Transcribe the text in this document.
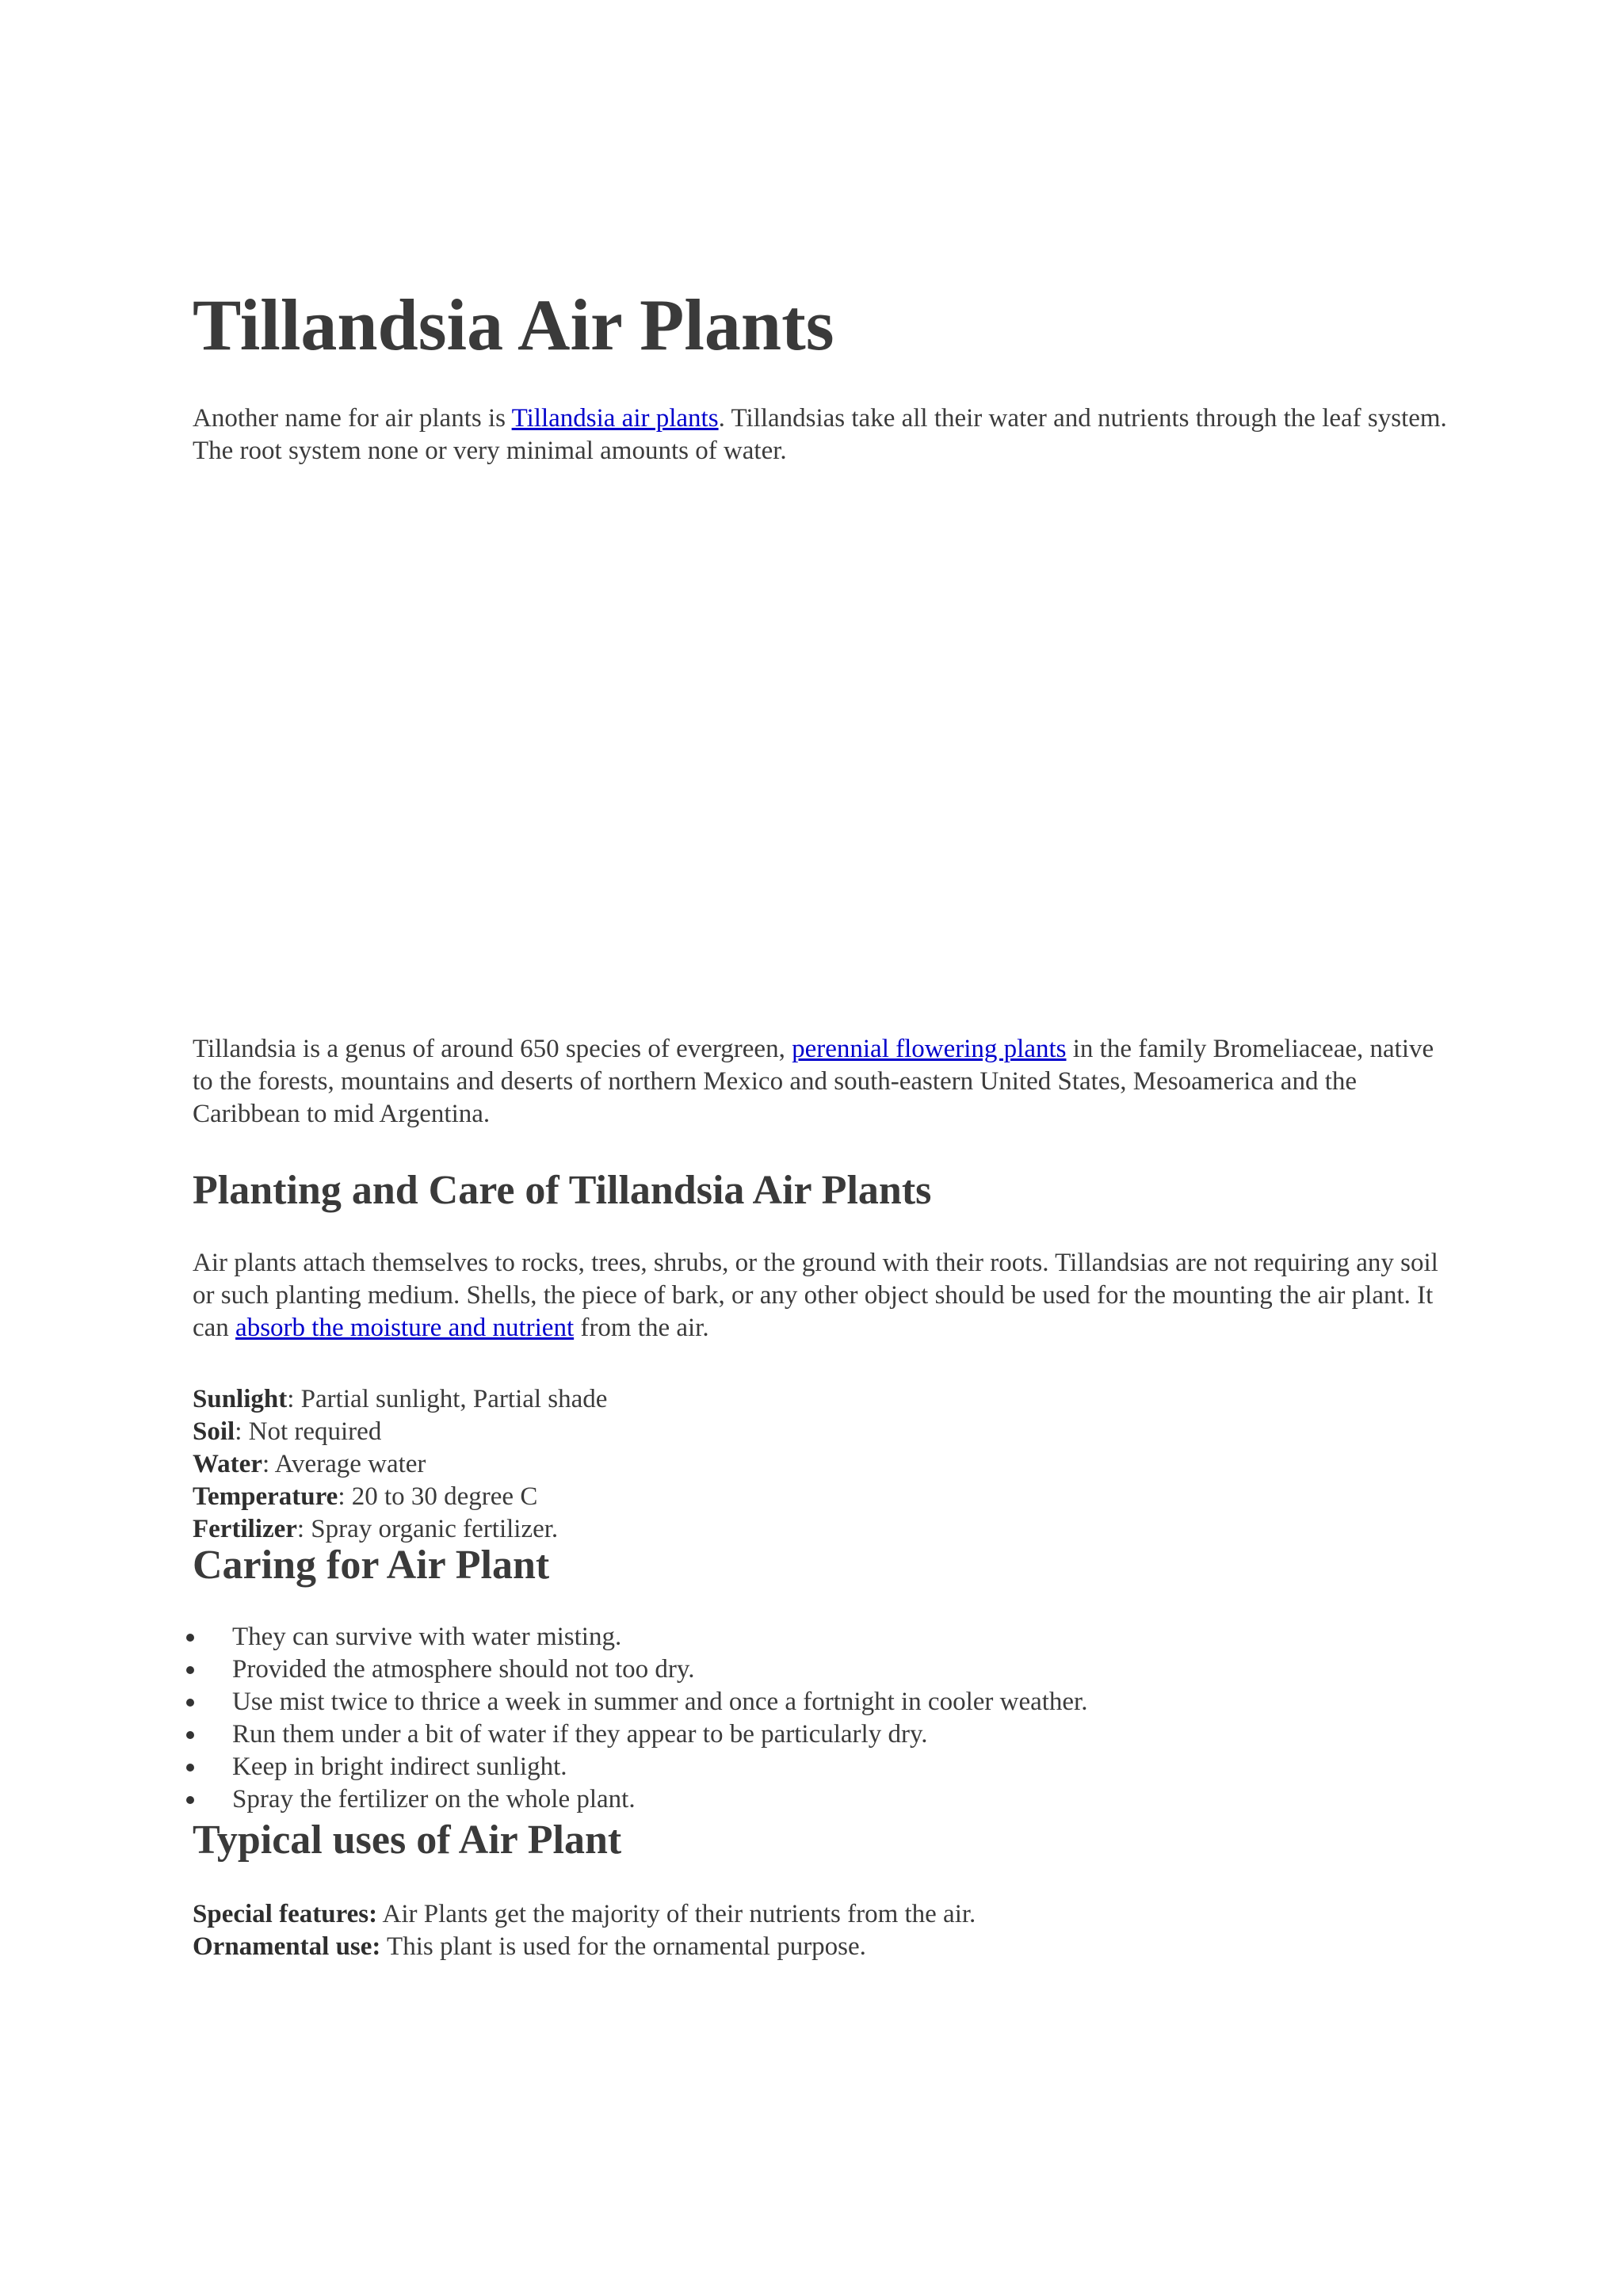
Tillandsia Air Plants

Another name for air plants is Tillandsia air plants. Tillandsias take all their water and nutrients through the leaf system. The root system none or very minimal amounts of water.

Tillandsia is a genus of around 650 species of evergreen, perennial flowering plants in the family Bromeliaceae, native to the forests, mountains and deserts of northern Mexico and south-eastern United States, Mesoamerica and the Caribbean to mid Argentina.

Planting and Care of Tillandsia Air Plants

Air plants attach themselves to rocks, trees, shrubs, or the ground with their roots. Tillandsias are not requiring any soil or such planting medium. Shells, the piece of bark, or any other object should be used for the mounting the air plant. It can absorb the moisture and nutrient from the air.

Sunlight: Partial sunlight, Partial shade
Soil: Not required
Water: Average water
Temperature: 20 to 30 degree C
Fertilizer: Spray organic fertilizer.

Caring for Air Plant
They can survive with water misting.
Provided the atmosphere should not too dry.
Use mist twice to thrice a week in summer and once a fortnight in cooler weather.
Run them under a bit of water if they appear to be particularly dry.
Keep in bright indirect sunlight.
Spray the fertilizer on the whole plant.
Typical uses of Air Plant

Special features: Air Plants get the majority of their nutrients from the air.
Ornamental use: This plant is used for the ornamental purpose.
